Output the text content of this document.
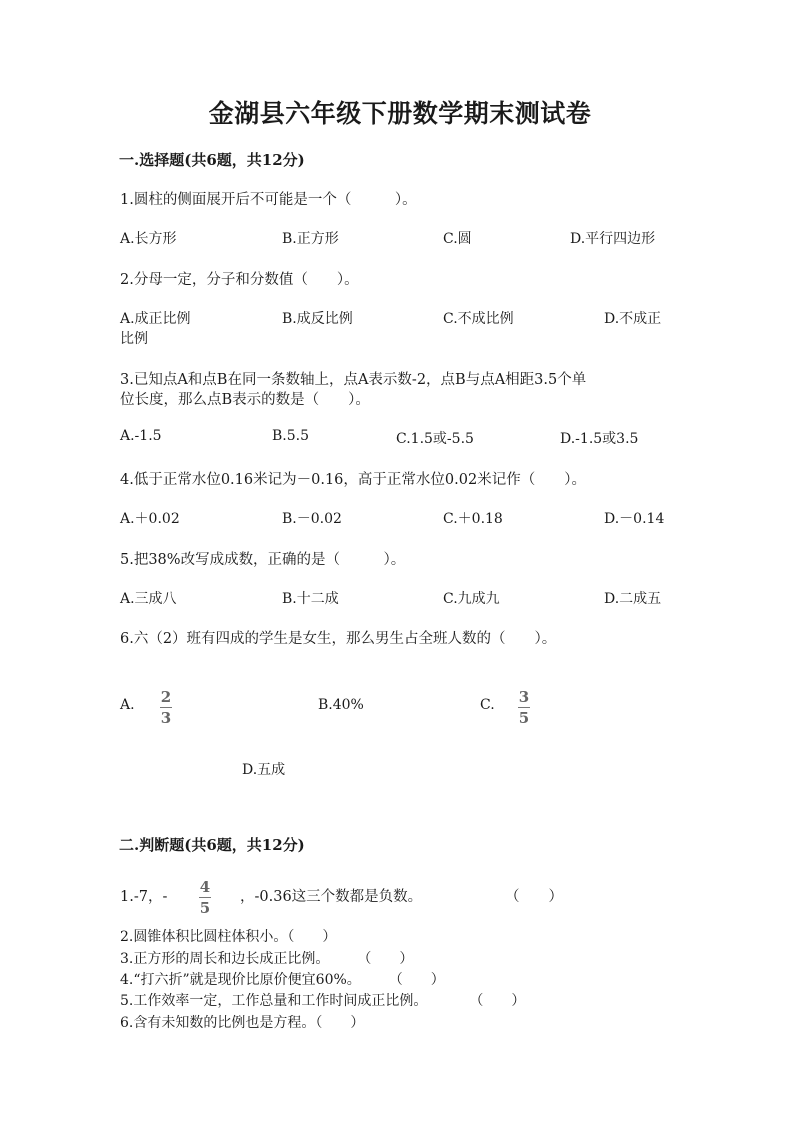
金湖县六年级下册数学期末测试卷
一.选择题(共6题，共12分)
1.圆柱的侧面展开后不可能是一个（　　　）。
A.长方形	B.正方形	C.圆	D.平行四边形
2.分母一定，分子和分数值（　　）。
A.成正比例	B.成反比例	C.不成比例	D.不成正
比例
3.已知点A和点B在同一条数轴上，点A表示数-2，点B与点A相距3.5个单
位长度，那么点B表示的数是（　　）。
A.-1.5	B.5.5	C.1.5或-5.5	D.-1.5或3.5
4.低于正常水位0.16米记为－0.16，高于正常水位0.02米记作（　　）。
A.＋0.02	B.－0.02	C.＋0.18	D.－0.14
5.把38%改写成成数，正确的是（　　　）。
A.三成八	B.十二成	C.九成九	D.二成五
6.六（2）班有四成的学生是女生，那么男生占全班人数的（　　）。
A. 2
3
B.40%	C. 3
5
D.五成
二.判断题(共6题，共12分)
1.-7，-
4
5
，-0.36这三个数都是负数。	（　　）
2.圆锥体积比圆柱体积小。（　　）
3.正方形的周长和边长成正比例。　　　（　　）
4.“打六折”就是现价比原价便宜60%。　　　（　　）
5.工作效率一定，工作总量和工作时间成正比例。　　　　（　　）
6.含有未知数的比例也是方程。（　　）
